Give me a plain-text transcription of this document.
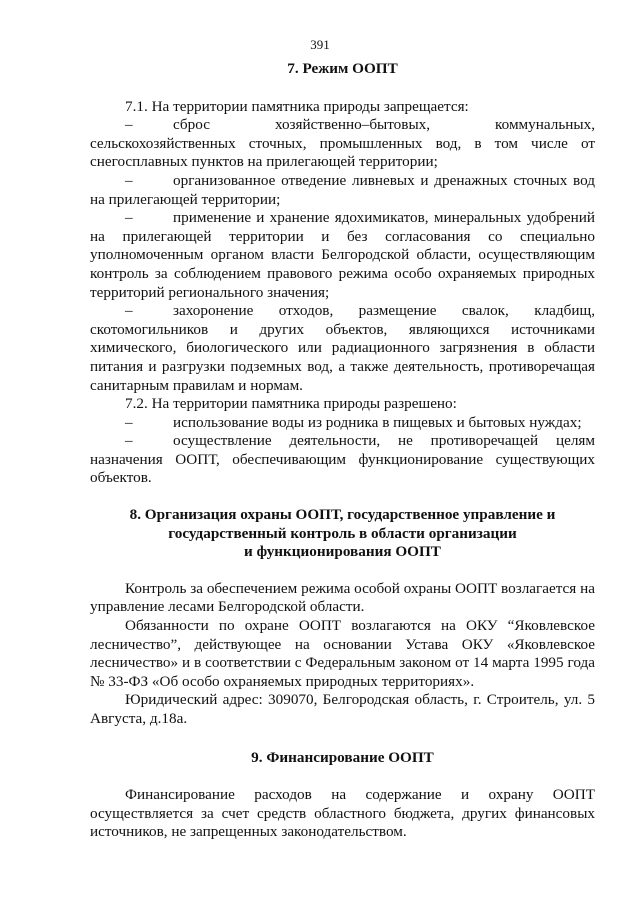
391

7. Режим ООПТ

7.1. На территории памятника природы запрещается:

–	сброс хозяйственно–бытовых, коммунальных, сельскохозяйственных сточных, промышленных вод, в том числе от снегосплавных пунктов на прилегающей территории;

–	организованное отведение ливневых и дренажных сточных вод на прилегающей территории;

–	применение и хранение ядохимикатов, минеральных удобрений на прилегающей территории и без согласования со специально уполномоченным органом власти Белгородской области, осуществляющим контроль за соблюдением правового режима особо охраняемых природных территорий регионального значения;

–	захоронение отходов, размещение свалок, кладбищ, скотомогильников и других объектов, являющихся источниками химического, биологического или радиационного загрязнения в области питания и разгрузки подземных вод, а также деятельность, противоречащая санитарным правилам и нормам.

7.2. На территории памятника природы разрешено:

–	использование воды из родника в пищевых и бытовых нуждах;

–	осуществление деятельности, не противоречащей целям назначения ООПТ, обеспечивающим функционирование существующих объектов.

8. Организация охраны ООПТ, государственное управление и
государственный контроль в области организации
и функционирования ООПТ

Контроль за обеспечением режима особой охраны ООПТ возлагается на управление лесами Белгородской области.

Обязанности по охране ООПТ возлагаются на ОКУ “Яковлевское лесничество”, действующее на основании Устава ОКУ «Яковлевское лесничество» и в соответствии с Федеральным законом от 14 марта 1995 года № 33-ФЗ «Об особо охраняемых природных территориях».

Юридический адрес: 309070, Белгородская область, г. Строитель, ул. 5 Августа, д.18а.

9. Финансирование ООПТ

Финансирование расходов на содержание и охрану ООПТ осуществляется за счет средств областного бюджета, других финансовых источников, не запрещенных законодательством.
